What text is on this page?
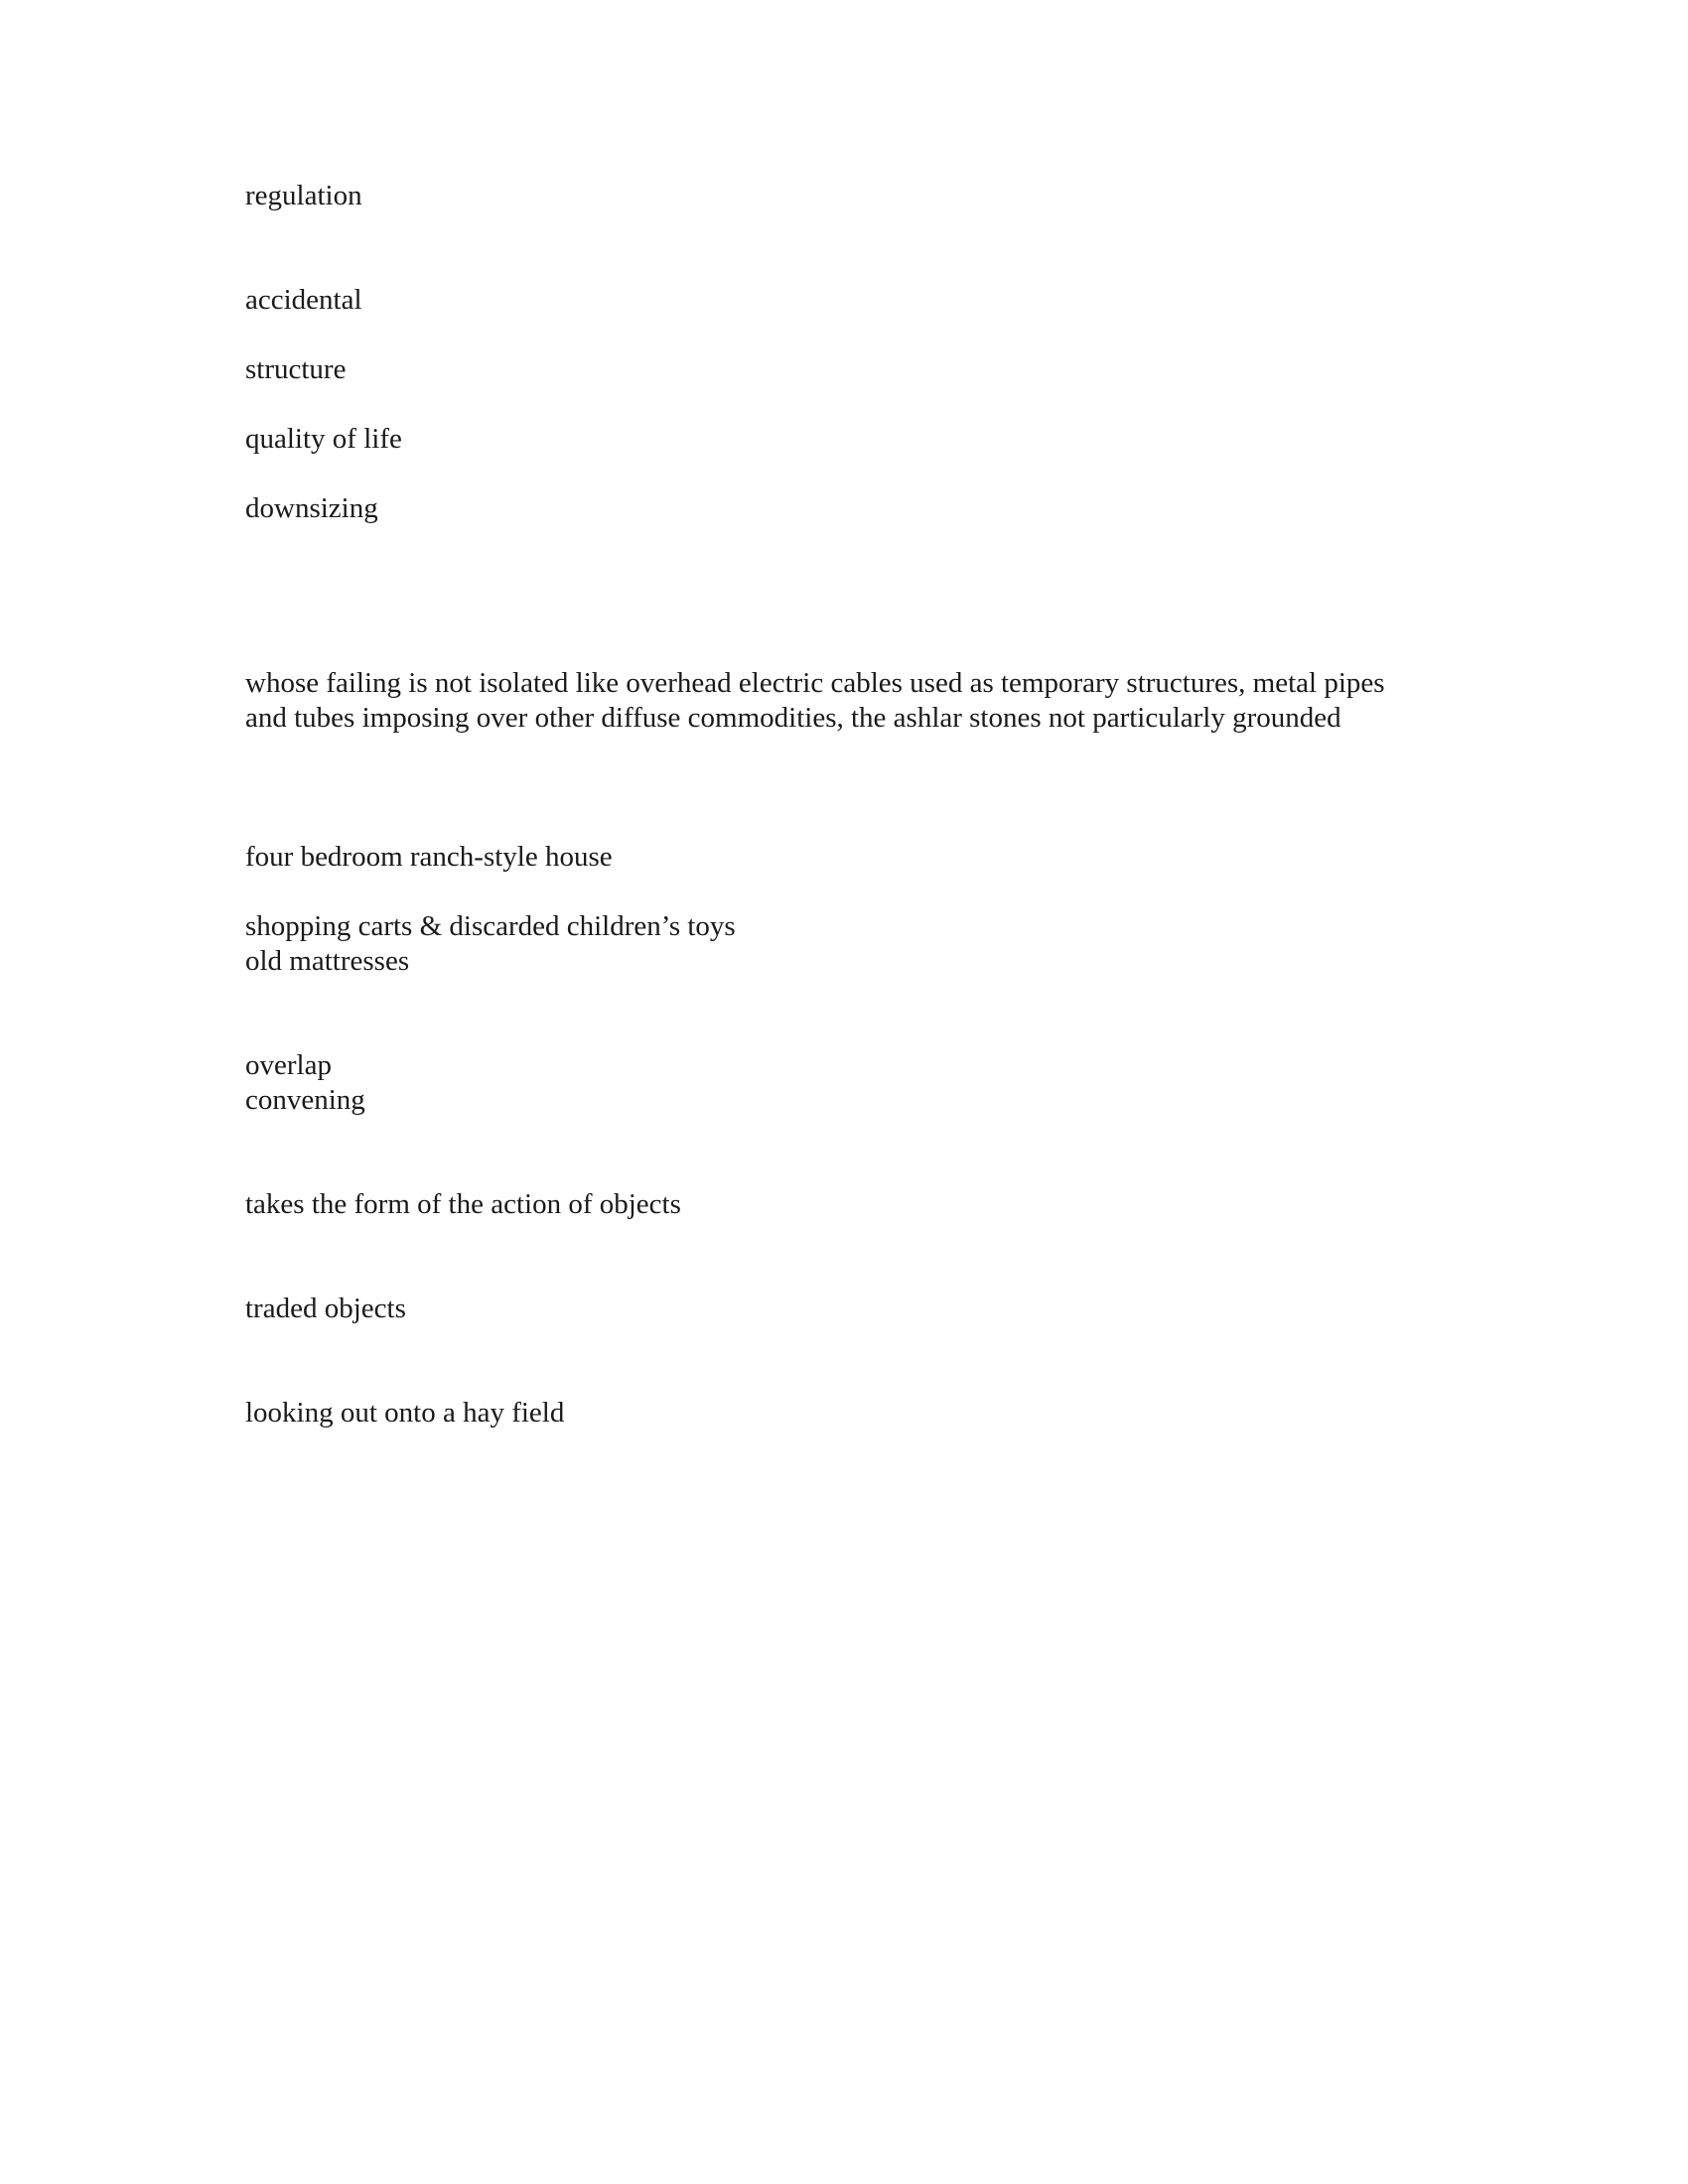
regulation

accidental

structure

quality of life

downsizing

whose failing is not isolated like overhead electric cables used as temporary structures, metal pipes

and tubes imposing over other diffuse commodities, the ashlar stones not particularly grounded

four bedroom ranch-style house

shopping carts & discarded children’s toys

old mattresses

overlap

convening

takes the form of the action of objects

traded objects

looking out onto a hay field
